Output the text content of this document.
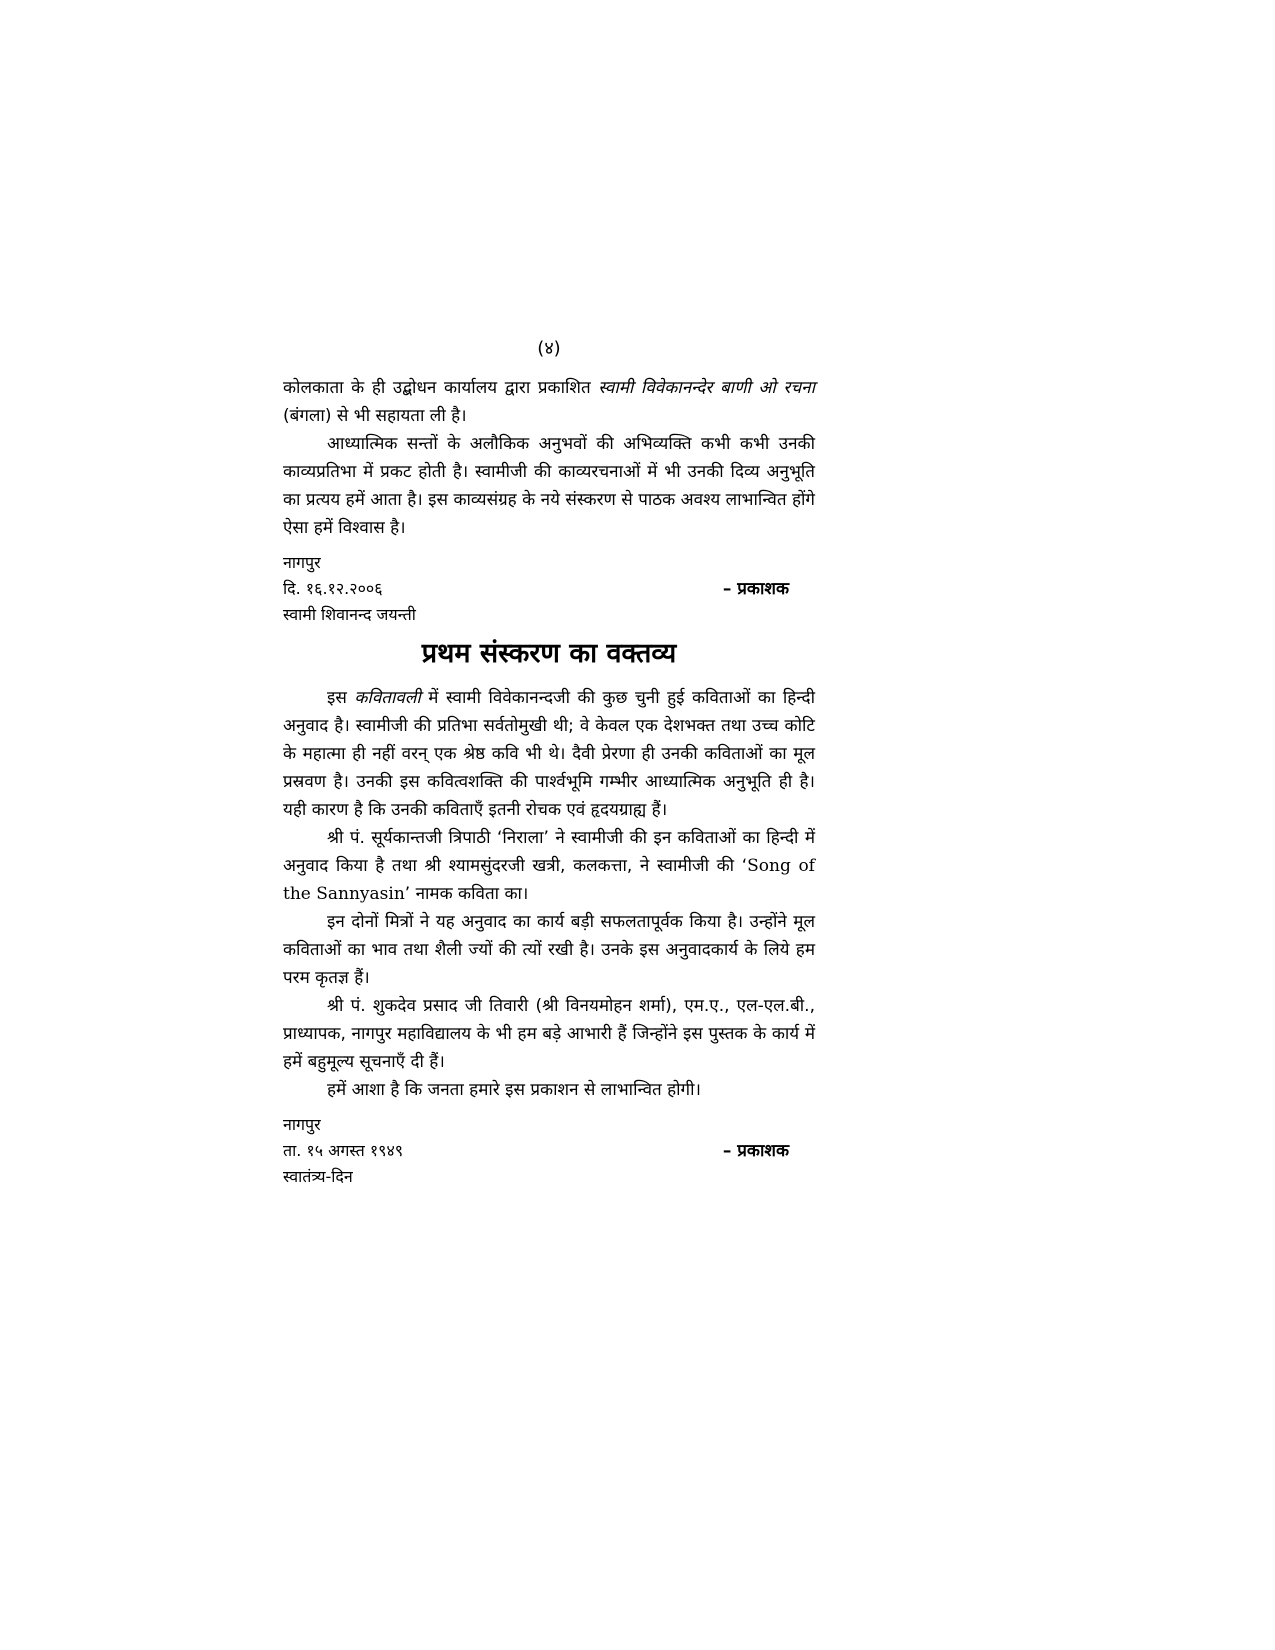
(४)

कोलकाता के ही उद्बोधन कार्यालय द्वारा प्रकाशित स्वामी विवेकानन्देर बाणी ओ रचना (बंगला) से भी सहायता ली है।

आध्यात्मिक सन्तों के अलौकिक अनुभवों की अभिव्यक्ति कभी कभी उनकी काव्यप्रतिभा में प्रकट होती है। स्वामीजी की काव्यरचनाओं में भी उनकी दिव्य अनुभूति का प्रत्यय हमें आता है। इस काव्यसंग्रह के नये संस्करण से पाठक अवश्य लाभान्वित होंगे ऐसा हमें विश्वास है।

नागपुर
दि. १६.१२.२००६
स्वामी शिवानन्द जयन्ती
– प्रकाशक
प्रथम संस्करण का वक्तव्य

इस कवितावली में स्वामी विवेकानन्दजी की कुछ चुनी हुई कविताओं का हिन्दी अनुवाद है। स्वामीजी की प्रतिभा सर्वतोमुखी थी; वे केवल एक देशभक्त तथा उच्च कोटि के महात्मा ही नहीं वरन् एक श्रेष्ठ कवि भी थे। दैवी प्रेरणा ही उनकी कविताओं का मूल प्रस्रवण है। उनकी इस कवित्वशक्ति की पार्श्वभूमि गम्भीर आध्यात्मिक अनुभूति ही है। यही कारण है कि उनकी कविताएँ इतनी रोचक एवं हृदयग्राह्य हैं।

श्री पं. सूर्यकान्तजी त्रिपाठी ‘निराला’ ने स्वामीजी की इन कविताओं का हिन्दी में अनुवाद किया है तथा श्री श्यामसुंदरजी खत्री, कलकत्ता, ने स्वामीजी की ‘Song of the Sannyasin’ नामक कविता का।

इन दोनों मित्रों ने यह अनुवाद का कार्य बड़ी सफलतापूर्वक किया है। उन्होंने मूल कविताओं का भाव तथा शैली ज्यों की त्यों रखी है। उनके इस अनुवादकार्य के लिये हम परम कृतज्ञ हैं।

श्री पं. शुकदेव प्रसाद जी तिवारी (श्री विनयमोहन शर्मा), एम.ए., एल-एल.बी., प्राध्यापक, नागपुर महाविद्यालय के भी हम बड़े आभारी हैं जिन्होंने इस पुस्तक के कार्य में हमें बहुमूल्य सूचनाएँ दी हैं।

हमें आशा है कि जनता हमारे इस प्रकाशन से लाभान्वित होगी।

नागपुर
ता. १५ अगस्त १९४९
स्वातंत्र्य-दिन
– प्रकाशक
